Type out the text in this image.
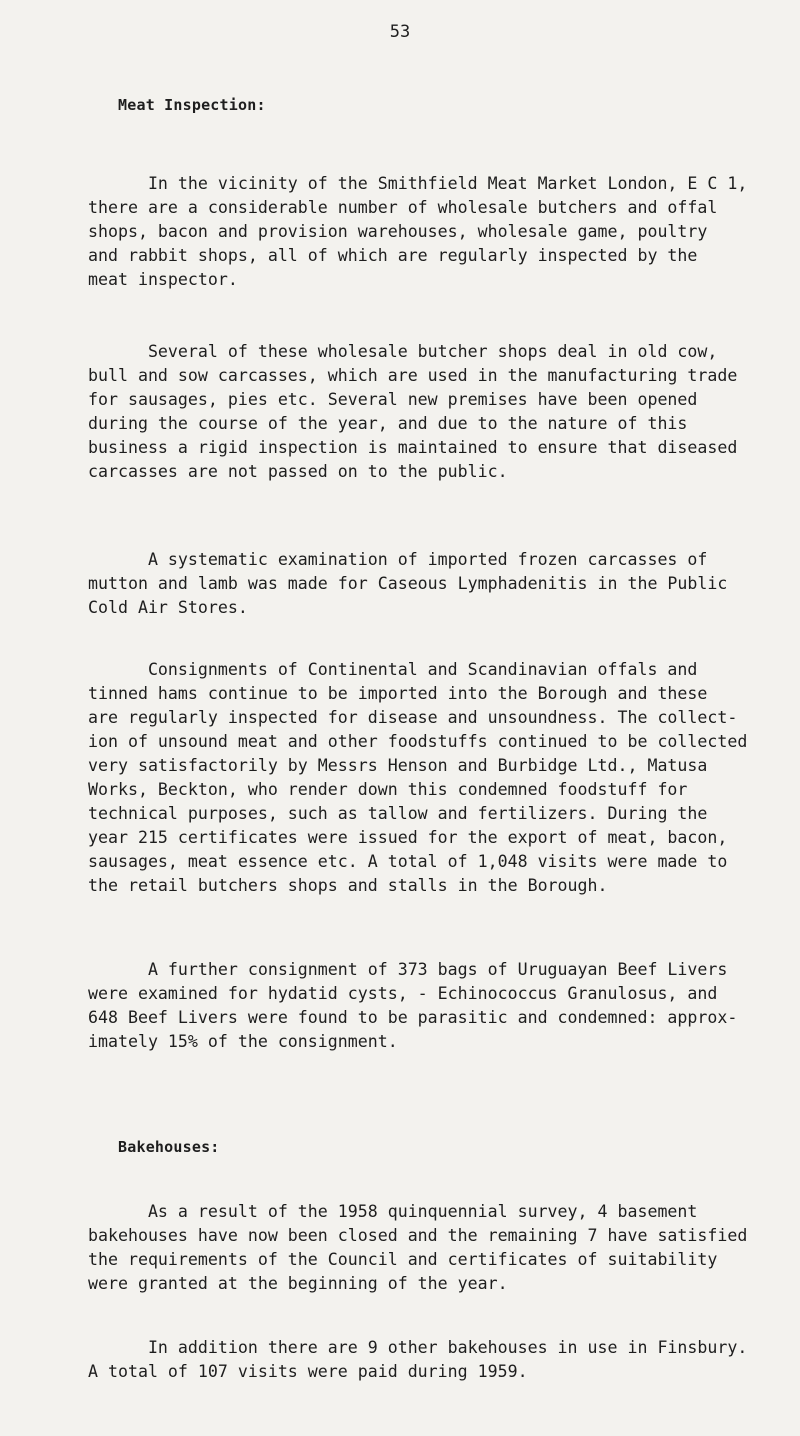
53
Meat Inspection:
In the vicinity of the Smithfield Meat Market London, E C 1,
there are a considerable number of wholesale butchers and offal
shops, bacon and provision warehouses, wholesale game, poultry
and rabbit shops, all of which are regularly inspected by the
meat inspector.
Several of these wholesale butcher shops deal in old cow,
bull and sow carcasses, which are used in the manufacturing trade
for sausages, pies etc. Several new premises have been opened
during the course of the year, and due to the nature of this
business a rigid inspection is maintained to ensure that diseased
carcasses are not passed on to the public.
A systematic examination of imported frozen carcasses of
mutton and lamb was made for Caseous Lymphadenitis in the Public
Cold Air Stores.
Consignments of Continental and Scandinavian offals and
tinned hams continue to be imported into the Borough and these
are regularly inspected for disease and unsoundness. The collect-
ion of unsound meat and other foodstuffs continued to be collected
very satisfactorily by Messrs Henson and Burbidge Ltd., Matusa
Works, Beckton, who render down this condemned foodstuff for
technical purposes, such as tallow and fertilizers. During the
year 215 certificates were issued for the export of meat, bacon,
sausages, meat essence etc. A total of 1,048 visits were made to
the retail butchers shops and stalls in the Borough.
A further consignment of 373 bags of Uruguayan Beef Livers
were examined for hydatid cysts, - Echinococcus Granulosus, and
648 Beef Livers were found to be parasitic and condemned: approx-
imately 15% of the consignment.
Bakehouses:
As a result of the 1958 quinquennial survey, 4 basement
bakehouses have now been closed and the remaining 7 have satisfied
the requirements of the Council and certificates of suitability
were granted at the beginning of the year.
In addition there are 9 other bakehouses in use in Finsbury.
A total of 107 visits were paid during 1959.
